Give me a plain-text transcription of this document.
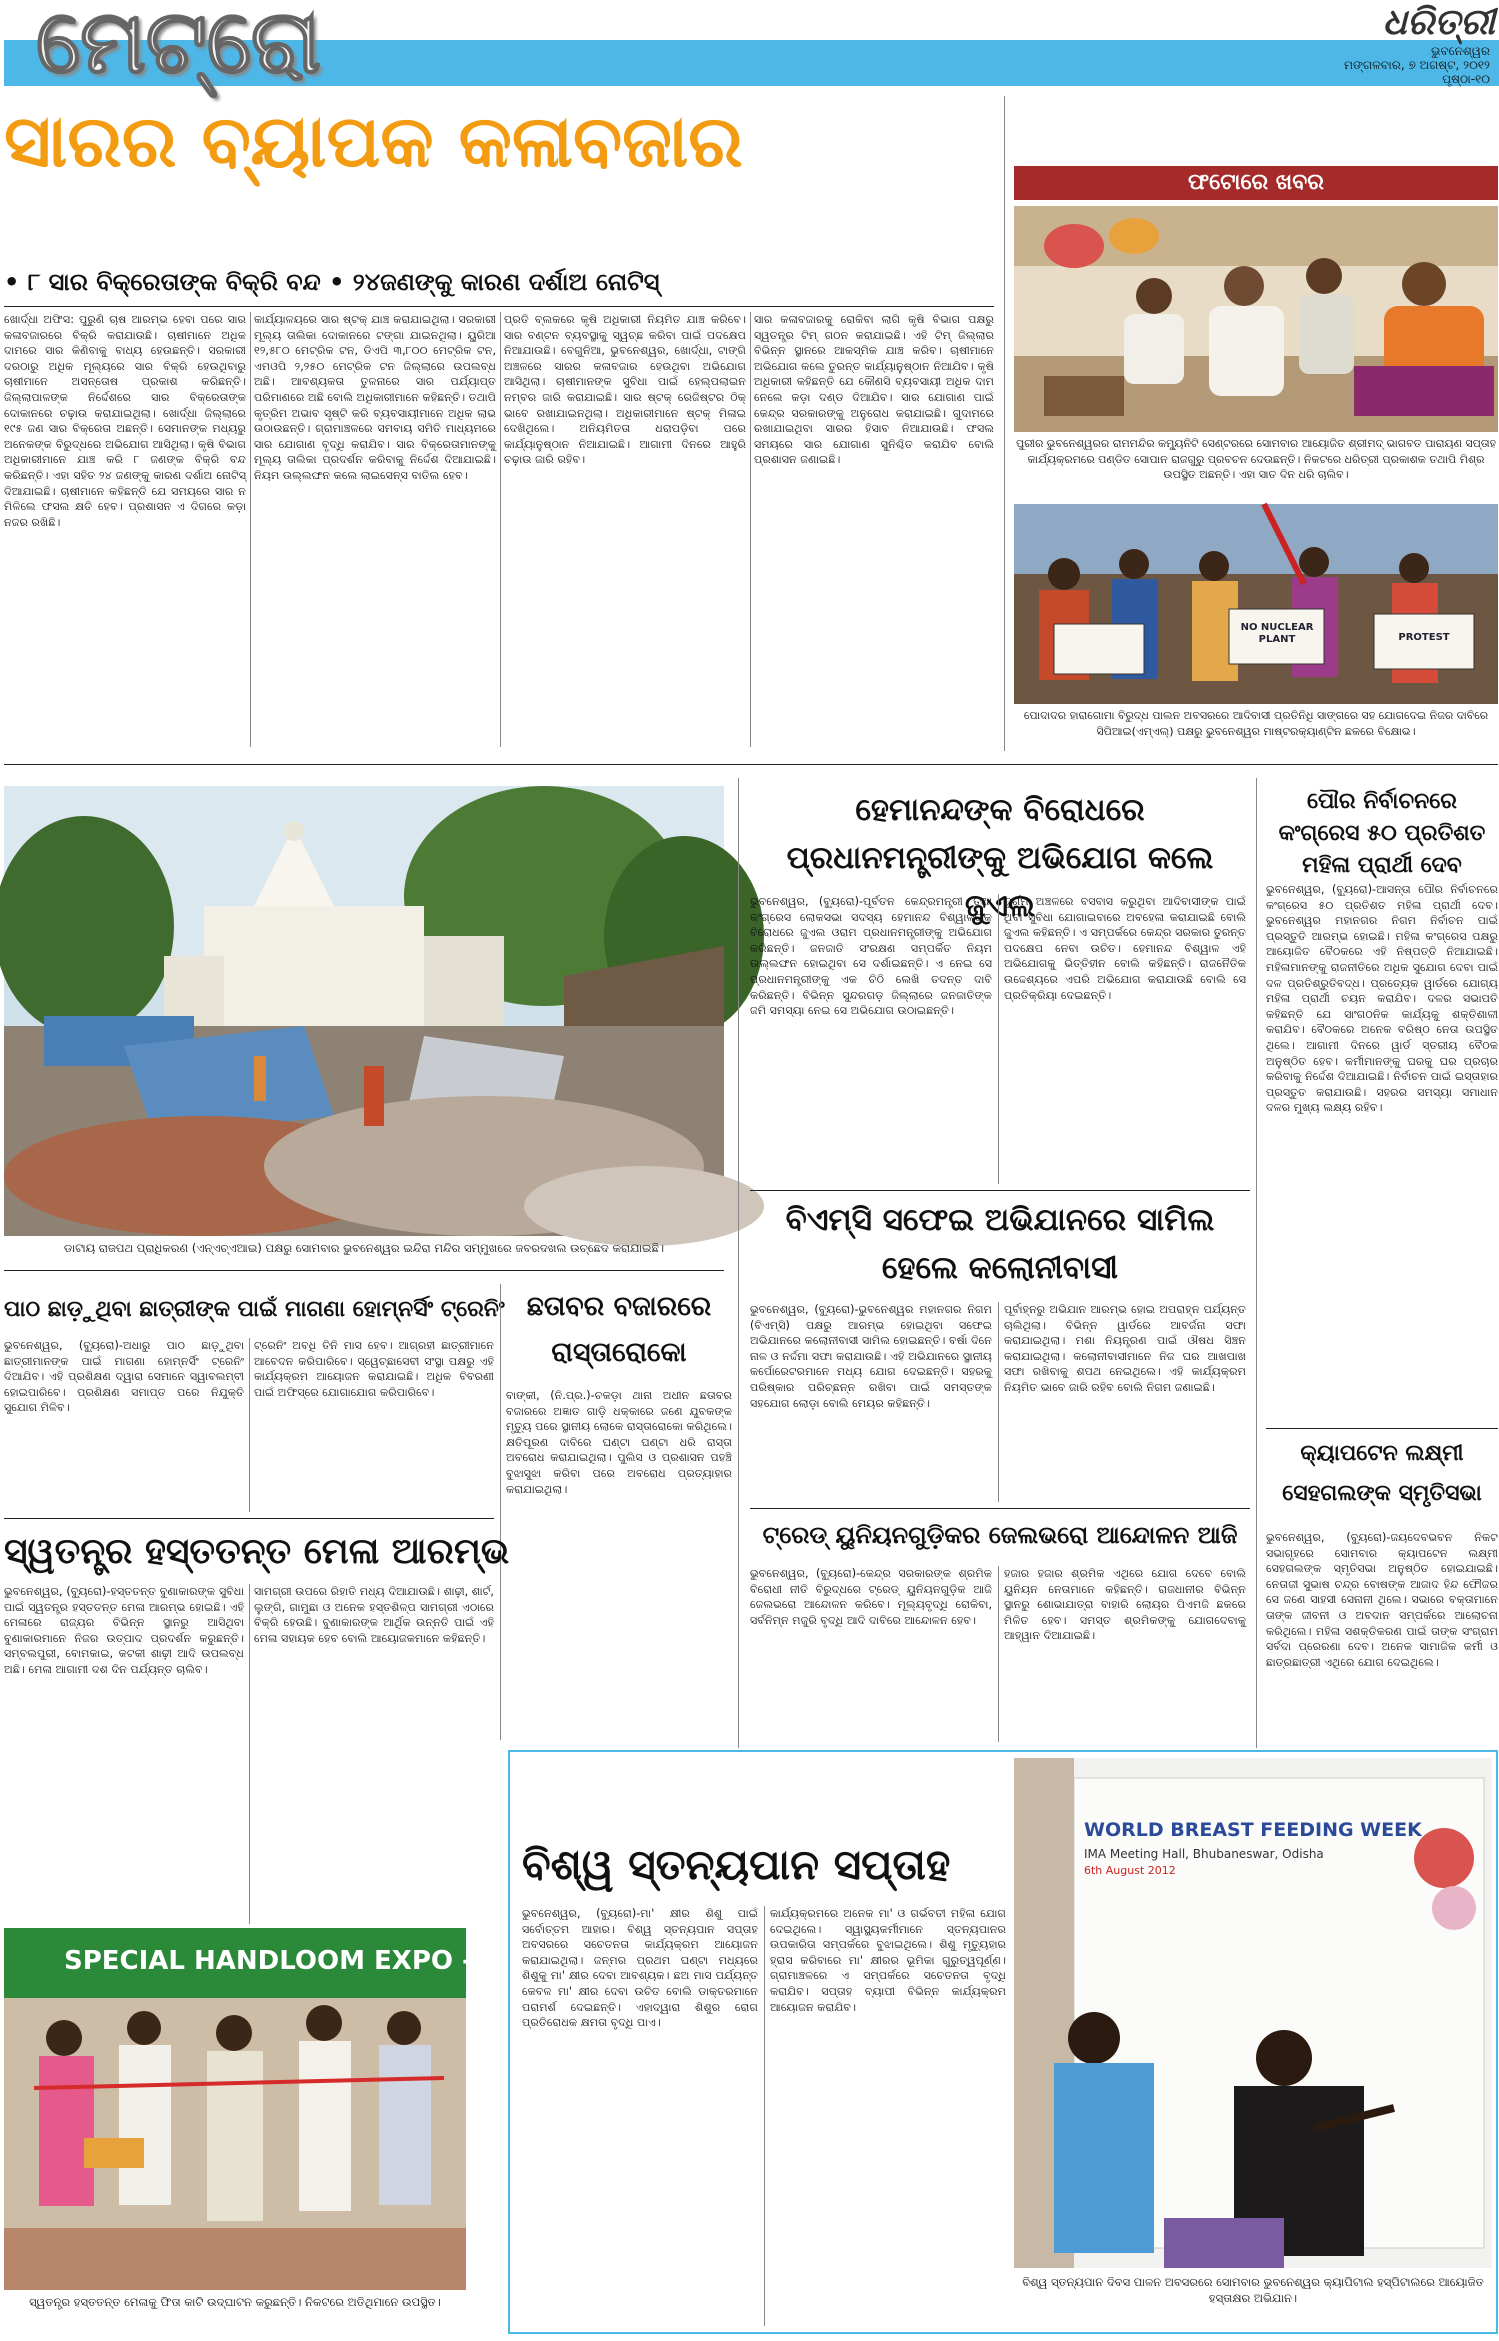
ମେଟ୍ରୋ	ଧରିତ୍ରୀ
ଭୁବନେଶ୍ୱର
ମଙ୍ଗଳବାର, ୭ ଅଗଷ୍ଟ, ୨୦୧୨
ପୃଷ୍ଠା-୧୦
ସାରର ବ୍ୟାପକ କଳାବଜାର
• ୮ ସାର ବିକ୍ରେତାଙ୍କ ବିକ୍ରି ବନ୍ଦ • ୨୪ଜଣଙ୍କୁ କାରଣ ଦର୍ଶାଅ ନୋଟିସ୍
ଖୋର୍ଦ୍ଧା ଅଫିସ: ପୁରୁଣି ଚାଷ ଆରମ୍ଭ ହେବା ପରେ ସାର କଳାବଜାରରେ ବିକ୍ରି କରାଯାଉଛି। ଚାଷୀମାନେ ଅଧିକ ଦାମରେ ସାର କିଣିବାକୁ ବାଧ୍ୟ ହେଉଛନ୍ତି। ସରକାରୀ ଦରଠାରୁ ଅଧିକ ମୂଲ୍ୟରେ ସାର ବିକ୍ରି ହେଉଥିବାରୁ ଚାଷୀମାନେ ଅସନ୍ତୋଷ ପ୍ରକାଶ କରିଛନ୍ତି। ଜିଲ୍ଲାପାଳଙ୍କ ନିର୍ଦ୍ଦେଶରେ ସାର ବିକ୍ରେତାଙ୍କ ଦୋକାନରେ ଚଢ଼ାଉ କରାଯାଇଥିଲା। ଖୋର୍ଦ୍ଧା ଜିଲ୍ଲାରେ ୧୯୫ ଜଣ ସାର ବିକ୍ରେତା ଅଛନ୍ତି। ସେମାନଙ୍କ ମଧ୍ୟରୁ ଅନେକଙ୍କ ବିରୁଦ୍ଧରେ ଅଭିଯୋଗ ଆସିଥିଲା। କୃଷି ବିଭାଗ ଅଧିକାରୀମାନେ ଯାଞ୍ଚ କରି ୮ ଜଣଙ୍କ ବିକ୍ରି ବନ୍ଦ କରିଛନ୍ତି। ଏହା ସହିତ ୨୪ ଜଣଙ୍କୁ କାରଣ ଦର୍ଶାଅ ନୋଟିସ୍ ଦିଆଯାଇଛି। ଚାଷୀମାନେ କହିଛନ୍ତି ଯେ ସମୟରେ ସାର ନ ମିଳିଲେ ଫସଲ କ୍ଷତି ହେବ। ପ୍ରଶାସନ ଏ ଦିଗରେ କଡ଼ା ନଜର ରଖିଛି।
କାର୍ଯ୍ୟାଳୟରେ ସାର ଷ୍ଟକ୍ ଯାଞ୍ଚ କରାଯାଇଥିଲା। ସରକାରୀ ମୂଲ୍ୟ ତାଲିକା ଦୋକାନରେ ଟଙ୍ଗା ଯାଇନଥିଲା। ୟୁରିଆ ୧୨,୫୮୦ ମେଟ୍ରିକ ଟନ, ଡିଏପି ୩,୮୦୦ ମେଟ୍ରିକ ଟନ, ଏମଓପି ୨,୨୫୦ ମେଟ୍ରିକ ଟନ ଜିଲ୍ଲାରେ ଉପଲବ୍ଧ ଅଛି। ଆବଶ୍ୟକତା ତୁଳନାରେ ସାର ପର୍ଯ୍ୟାପ୍ତ ପରିମାଣରେ ଅଛି ବୋଲି ଅଧିକାରୀମାନେ କହିଛନ୍ତି। ତଥାପି କୃତ୍ରିମ ଅଭାବ ସୃଷ୍ଟି କରି ବ୍ୟବସାୟୀମାନେ ଅଧିକ ଲାଭ ଉଠାଉଛନ୍ତି। ଗ୍ରାମାଞ୍ଚଳରେ ସମବାୟ ସମିତି ମାଧ୍ୟମରେ ସାର ଯୋଗାଣ ବୃଦ୍ଧି କରାଯିବ। ସାର ବିକ୍ରେତାମାନଙ୍କୁ ମୂଲ୍ୟ ତାଲିକା ପ୍ରଦର୍ଶନ କରିବାକୁ ନିର୍ଦ୍ଦେଶ ଦିଆଯାଇଛି। ନିୟମ ଉଲ୍ଲଙ୍ଘନ କଲେ ଲାଇସେନ୍ସ ବାତିଲ ହେବ।
ପ୍ରତି ବ୍ଲକରେ କୃଷି ଅଧିକାରୀ ନିୟମିତ ଯାଞ୍ଚ କରିବେ। ସାର ବଣ୍ଟନ ବ୍ୟବସ୍ଥାକୁ ସ୍ୱଚ୍ଛ କରିବା ପାଇଁ ପଦକ୍ଷେପ ନିଆଯାଉଛି। ବେଗୁନିଆ, ଭୁବନେଶ୍ୱର, ଖୋର୍ଦ୍ଧା, ଟାଙ୍ଗି ଅଞ୍ଚଳରେ ସାରର କଳାବଜାର ହେଉଥିବା ଅଭିଯୋଗ ଆସିଥିଲା। ଚାଷୀମାନଙ୍କ ସୁବିଧା ପାଇଁ ହେଲ୍ପଲାଇନ ନମ୍ବର ଜାରି କରାଯାଇଛି। ସାର ଷ୍ଟକ୍ ରେଜିଷ୍ଟର ଠିକ୍ ଭାବେ ରଖାଯାଇନଥିଲା। ଅଧିକାରୀମାନେ ଷ୍ଟକ୍ ମିଳାଇ ଦେଖିଥିଲେ। ଅନିୟମିତତା ଧରାପଡ଼ିବା ପରେ କାର୍ଯ୍ୟାନୁଷ୍ଠାନ ନିଆଯାଇଛି। ଆଗାମୀ ଦିନରେ ଆହୁରି ଚଢ଼ାଉ ଜାରି ରହିବ।
ସାର କଳାବଜାରକୁ ରୋକିବା ଲାଗି କୃଷି ବିଭାଗ ପକ୍ଷରୁ ସ୍ୱତନ୍ତ୍ର ଟିମ୍ ଗଠନ କରାଯାଇଛି। ଏହି ଟିମ୍ ଜିଲ୍ଲାର ବିଭିନ୍ନ ସ୍ଥାନରେ ଆକସ୍ମିକ ଯାଞ୍ଚ କରିବ। ଚାଷୀମାନେ ଅଭିଯୋଗ କଲେ ତୁରନ୍ତ କାର୍ଯ୍ୟାନୁଷ୍ଠାନ ନିଆଯିବ। କୃଷି ଅଧିକାରୀ କହିଛନ୍ତି ଯେ କୌଣସି ବ୍ୟବସାୟୀ ଅଧିକ ଦାମ ନେଲେ କଡ଼ା ଦଣ୍ଡ ଦିଆଯିବ। ସାର ଯୋଗାଣ ପାଇଁ କେନ୍ଦ୍ର ସରକାରଙ୍କୁ ଅନୁରୋଧ କରାଯାଇଛି। ଗୁଦାମରେ ରଖାଯାଇଥିବା ସାରର ହିସାବ ନିଆଯାଉଛି। ଫସଲ ସମୟରେ ସାର ଯୋଗାଣ ସୁନିଶ୍ଚିତ କରାଯିବ ବୋଲି ପ୍ରଶାସନ ଜଣାଇଛି।
ଫଟୋରେ ଖବର
ପୁରୀର ଭୁବନେଶ୍ୱରର ରାମମନ୍ଦିର କମ୍ୟୁନିଟି ସେଣ୍ଟରରେ ସୋମବାର ଆୟୋଜିତ ଶ୍ରୀମଦ୍ ଭାଗବତ ପାରାୟଣ ସପ୍ତାହ କାର୍ଯ୍ୟକ୍ରମରେ ପଣ୍ଡିତ ସୋପାନ ରାଜଗୁରୁ ପ୍ରବଚନ ଦେଉଛନ୍ତି। ନିକଟରେ ଧରିତ୍ରୀ ପ୍ରକାଶକ ତଥାପି ମିଶ୍ର ଉପସ୍ଥିତ ଅଛନ୍ତି। ଏହା ସାତ ଦିନ ଧରି ଚାଲିବ।
NO NUCLEAR PLANT	PROTEST
ପୋଦାଦର ହାରାଗୋମା ବିରୁଦ୍ଧ ପାଲନ ଅବସରରେ ଆଦିବାସୀ ପ୍ରତିନିଧି ସାଙ୍ଗରେ ସହ ଯୋଗଦେଇ ନିଜର ଦାବିରେ ସିପିଆଇ(ଏମ୍‌ଏଲ୍) ପକ୍ଷରୁ ଭୁବନେଶ୍ୱର ମାଷ୍ଟରକ୍ୟାଣ୍ଟିନ ଛକରେ ବିକ୍ଷୋଭ।
ଡାଟାୟ ରାଜପଥ ପ୍ରାଧିକରଣ (ଏନ୍‌ଏଚ୍‌ଏଆଇ) ପକ୍ଷରୁ ସୋମବାର ଭୁବନେଶ୍ୱର ଇନ୍ଦିରା ମନ୍ଦିର ସମ୍ମୁଖରେ ଜବରଦଖଲ ଉଚ୍ଛେଦ କରାଯାଇଛି।
ହେମାନନ୍ଦଙ୍କ ବିରୋଧରେ ପ୍ରଧାନମନ୍ତ୍ରୀଙ୍କୁ ଅଭିଯୋଗ କଲେ ଜୁଏଲ
ଭୁବନେଶ୍ୱର, (ବ୍ୟୁରୋ)-ପୂର୍ବତନ କେନ୍ଦ୍ରମନ୍ତ୍ରୀ ତଥା କଂଗ୍ରେସ ଲୋକସଭା ସଦସ୍ୟ ହେମାନନ୍ଦ ବିଶ୍ୱାଳଙ୍କ ବିରୋଧରେ ଜୁଏଲ ଓରାମ ପ୍ରଧାନମନ୍ତ୍ରୀଙ୍କୁ ଅଭିଯୋଗ କରିଛନ୍ତି। ଜନଜାତି ସଂରକ୍ଷଣ ସମ୍ପର୍କିତ ନିୟମ ଉଲ୍ଲଙ୍ଘନ ହୋଇଥିବା ସେ ଦର୍ଶାଇଛନ୍ତି। ଏ ନେଇ ସେ ପ୍ରଧାନମନ୍ତ୍ରୀଙ୍କୁ ଏକ ଚିଠି ଲେଖି ତଦନ୍ତ ଦାବି କରିଛନ୍ତି। ବିଭିନ୍ନ ସୁନ୍ଦରଗଡ଼ ଜିଲ୍ଲାରେ ଜନଜାତିଙ୍କ ଜମି ସମସ୍ୟା ନେଇ ସେ ଅଭିଯୋଗ ଉଠାଇଛନ୍ତି।
ଦୁର୍ଗମ ଅଞ୍ଚଳରେ ବସବାସ କରୁଥିବା ଆଦିବାସୀଙ୍କ ପାଇଁ ଥିବା ସୁବିଧା ଯୋଗାଇବାରେ ଅବହେଳା କରାଯାଇଛି ବୋଲି ଜୁଏଲ କହିଛନ୍ତି। ଏ ସମ୍ପର୍କରେ କେନ୍ଦ୍ର ସରକାର ତୁରନ୍ତ ପଦକ୍ଷେପ ନେବା ଉଚିତ। ହେମାନନ୍ଦ ବିଶ୍ୱାଳ ଏହି ଅଭିଯୋଗକୁ ଭିତ୍ତିହୀନ ବୋଲି କହିଛନ୍ତି। ରାଜନୈତିକ ଉଦ୍ଦେଶ୍ୟରେ ଏପରି ଅଭିଯୋଗ କରାଯାଉଛି ବୋଲି ସେ ପ୍ରତିକ୍ରିୟା ଦେଇଛନ୍ତି।
ବିଏମ୍‌ସି ସଫେଇ ଅଭିଯାନରେ ସାମିଲ ହେଲେ କଲୋନୀବାସୀ
ଭୁବନେଶ୍ୱର, (ବ୍ୟୁରୋ)-ଭୁବନେଶ୍ୱର ମହାନଗର ନିଗମ (ବିଏମ୍‌ସି) ପକ୍ଷରୁ ଆରମ୍ଭ ହୋଇଥିବା ସଫେଇ ଅଭିଯାନରେ କଲୋନୀବାସୀ ସାମିଲ ହୋଇଛନ୍ତି। ବର୍ଷା ଦିନେ ନାଳ ଓ ନର୍ଦ୍ଦମା ସଫା କରାଯାଉଛି। ଏହି ଅଭିଯାନରେ ସ୍ଥାନୀୟ କର୍ପୋରେଟରମାନେ ମଧ୍ୟ ଯୋଗ ଦେଇଛନ୍ତି। ସହରକୁ ପରିଷ୍କାର ପରିଚ୍ଛନ୍ନ ରଖିବା ପାଇଁ ସମସ୍ତଙ୍କ ସହଯୋଗ ଲୋଡ଼ା ବୋଲି ମେୟର କହିଛନ୍ତି।
ପୂର୍ବାହ୍ନରୁ ଅଭିଯାନ ଆରମ୍ଭ ହୋଇ ଅପରାହ୍ନ ପର୍ଯ୍ୟନ୍ତ ଚାଲିଥିଲା। ବିଭିନ୍ନ ୱାର୍ଡରେ ଆବର୍ଜନା ସଫା କରାଯାଇଥିଲା। ମଶା ନିୟନ୍ତ୍ରଣ ପାଇଁ ଔଷଧ ସିଞ୍ଚନ କରାଯାଇଥିଲା। କଲୋନୀବାସୀମାନେ ନିଜ ଘର ଆଖପାଖ ସଫା ରଖିବାକୁ ଶପଥ ନେଇଥିଲେ। ଏହି କାର୍ଯ୍ୟକ୍ରମ ନିୟମିତ ଭାବେ ଜାରି ରହିବ ବୋଲି ନିଗମ ଜଣାଇଛି।
ଟ୍ରେଡ୍ ୟୁନିୟନଗୁଡ଼ିକର ଜେଲଭରୋ ଆନ୍ଦୋଳନ ଆଜି
ଭୁବନେଶ୍ୱର, (ବ୍ୟୁରୋ)-କେନ୍ଦ୍ର ସରକାରଙ୍କ ଶ୍ରମିକ ବିରୋଧୀ ନୀତି ବିରୁଦ୍ଧରେ ଟ୍ରେଡ୍ ୟୁନିୟନଗୁଡ଼ିକ ଆଜି ଜେଲଭରୋ ଆନ୍ଦୋଳନ କରିବେ। ମୂଲ୍ୟବୃଦ୍ଧି ରୋକିବା, ସର୍ବନିମ୍ନ ମଜୁରି ବୃଦ୍ଧି ଆଦି ଦାବିରେ ଆନ୍ଦୋଳନ ହେବ।
ହଜାର ହଜାର ଶ୍ରମିକ ଏଥିରେ ଯୋଗ ଦେବେ ବୋଲି ୟୁନିୟନ ନେତାମାନେ କହିଛନ୍ତି। ରାଜଧାନୀର ବିଭିନ୍ନ ସ୍ଥାନରୁ ଶୋଭାଯାତ୍ରା ବାହାରି ଲୋୟର ପିଏମଜି ଛକରେ ମିଳିତ ହେବ। ସମସ୍ତ ଶ୍ରମିକଙ୍କୁ ଯୋଗଦେବାକୁ ଆହ୍ୱାନ ଦିଆଯାଇଛି।
ପୌର ନିର୍ବାଚନରେ କଂଗ୍ରେସ ୫୦ ପ୍ରତିଶତ ମହିଳା ପ୍ରାର୍ଥୀ ଦେବ
ଭୁବନେଶ୍ୱର, (ବ୍ୟୁରୋ)-ଆସନ୍ତା ପୌର ନିର୍ବାଚନରେ କଂଗ୍ରେସ ୫୦ ପ୍ରତିଶତ ମହିଳା ପ୍ରାର୍ଥୀ ଦେବ। ଭୁବନେଶ୍ୱର ମହାନଗର ନିଗମ ନିର୍ବାଚନ ପାଇଁ ପ୍ରସ୍ତୁତି ଆରମ୍ଭ ହୋଇଛି। ମହିଳା କଂଗ୍ରେସ ପକ୍ଷରୁ ଆୟୋଜିତ ବୈଠକରେ ଏହି ନିଷ୍ପତ୍ତି ନିଆଯାଇଛି। ମହିଳାମାନଙ୍କୁ ରାଜନୀତିରେ ଅଧିକ ସୁଯୋଗ ଦେବା ପାଇଁ ଦଳ ପ୍ରତିଶ୍ରୁତିବଦ୍ଧ। ପ୍ରତ୍ୟେକ ୱାର୍ଡରେ ଯୋଗ୍ୟ ମହିଳା ପ୍ରାର୍ଥୀ ଚୟନ କରାଯିବ। ଦଳର ସଭାପତି କହିଛନ୍ତି ଯେ ସାଂଗଠନିକ କାର୍ଯ୍ୟକୁ ଶକ୍ତିଶାଳୀ କରାଯିବ। ବୈଠକରେ ଅନେକ ବରିଷ୍ଠ ନେତା ଉପସ୍ଥିତ ଥିଲେ। ଆଗାମୀ ଦିନରେ ୱାର୍ଡ ସ୍ତରୀୟ ବୈଠକ ଅନୁଷ୍ଠିତ ହେବ। କର୍ମୀମାନଙ୍କୁ ଘରକୁ ଘର ପ୍ରଚାର କରିବାକୁ ନିର୍ଦ୍ଦେଶ ଦିଆଯାଇଛି। ନିର୍ବାଚନ ପାଇଁ ଇସ୍ତାହାର ପ୍ରସ୍ତୁତ କରାଯାଉଛି। ସହରର ସମସ୍ୟା ସମାଧାନ ଦଳର ମୁଖ୍ୟ ଲକ୍ଷ୍ୟ ରହିବ।
କ୍ୟାପଟେନ ଲକ୍ଷ୍ମୀ ସେହଗଲଙ୍କ ସ୍ମୃତିସଭା
ଭୁବନେଶ୍ୱର, (ବ୍ୟୁରୋ)-ଜୟଦେବଭବନ ନିକଟ ସଭାଗୃହରେ ସୋମବାର କ୍ୟାପଟେନ ଲକ୍ଷ୍ମୀ ସେହଗଲଙ୍କ ସ୍ମୃତିସଭା ଅନୁଷ୍ଠିତ ହୋଇଯାଇଛି। ନେତାଜୀ ସୁଭାଷ ଚନ୍ଦ୍ର ବୋଷଙ୍କ ଆଜାଦ ହିନ୍ଦ ଫୌଜର ସେ ଜଣେ ସାହସୀ ସେନାନୀ ଥିଲେ। ସଭାରେ ବକ୍ତାମାନେ ତାଙ୍କ ଜୀବନୀ ଓ ଅବଦାନ ସମ୍ପର୍କରେ ଆଲୋଚନା କରିଥିଲେ। ମହିଳା ସଶକ୍ତିକରଣ ପାଇଁ ତାଙ୍କ ସଂଗ୍ରାମ ସର୍ବଦା ପ୍ରେରଣା ଦେବ। ଅନେକ ସାମାଜିକ କର୍ମୀ ଓ ଛାତ୍ରଛାତ୍ରୀ ଏଥିରେ ଯୋଗ ଦେଇଥିଲେ।
ପାଠ ଛାଡ଼ୁଥିବା ଛାତ୍ରୀଙ୍କ ପାଇଁ ମାଗଣା ହୋମ୍‌ନର୍ସିଂ ଟ୍ରେନିଂ
ଭୁବନେଶ୍ୱର, (ବ୍ୟୁରୋ)-ଅଧାରୁ ପାଠ ଛାଡ଼ୁଥିବା ଛାତ୍ରୀମାନଙ୍କ ପାଇଁ ମାଗଣା ହୋମ୍‌ନର୍ସିଂ ଟ୍ରେନିଂ ଦିଆଯିବ। ଏହି ପ୍ରଶିକ୍ଷଣ ଦ୍ୱାରା ସେମାନେ ସ୍ୱାବଲମ୍ବୀ ହୋଇପାରିବେ। ପ୍ରଶିକ୍ଷଣ ସମାପ୍ତ ପରେ ନିଯୁକ୍ତି ସୁଯୋଗ ମିଳିବ।
ଟ୍ରେନିଂ ଅବଧି ତିନି ମାସ ହେବ। ଆଗ୍ରହୀ ଛାତ୍ରୀମାନେ ଆବେଦନ କରିପାରିବେ। ସ୍ୱେଚ୍ଛାସେବୀ ସଂସ୍ଥା ପକ୍ଷରୁ ଏହି କାର୍ଯ୍ୟକ୍ରମ ଆୟୋଜନ କରାଯାଇଛି। ଅଧିକ ବିବରଣୀ ପାଇଁ ଅଫିସ୍‌ରେ ଯୋଗାଯୋଗ କରିପାରିବେ।
ଛତାବର ବଜାରରେ ରାସ୍ତାରୋକୋ
ବାଙ୍କୀ, (ନି.ପ୍ର.)-ଚକଡ଼ା ଥାନା ଅଧୀନ ଛତାବର ବଜାରରେ ଅଜ୍ଞାତ ଗାଡ଼ି ଧକ୍କାରେ ଜଣେ ଯୁବକଙ୍କ ମୃତ୍ୟୁ ପରେ ସ୍ଥାନୀୟ ଲୋକେ ରାସ୍ତାରୋକୋ କରିଥିଲେ। କ୍ଷତିପୂରଣ ଦାବିରେ ଘଣ୍ଟା ଘଣ୍ଟା ଧରି ରାସ୍ତା ଅବରୋଧ କରାଯାଇଥିଲା। ପୁଲିସ ଓ ପ୍ରଶାସନ ପହଞ୍ଚି ବୁଝାସୁଝା କରିବା ପରେ ଅବରୋଧ ପ୍ରତ୍ୟାହାର କରାଯାଇଥିଲା।
ସ୍ୱତନ୍ତ୍ର ହସ୍ତତନ୍ତ ମେଳା ଆରମ୍ଭ
ଭୁବନେଶ୍ୱର, (ବ୍ୟୁରୋ)-ହସ୍ତତନ୍ତ ବୁଣାକାରଙ୍କ ସୁବିଧା ପାଇଁ ସ୍ୱତନ୍ତ୍ର ହସ୍ତତନ୍ତ ମେଳା ଆରମ୍ଭ ହୋଇଛି। ଏହି ମେଳାରେ ରାଜ୍ୟର ବିଭିନ୍ନ ସ୍ଥାନରୁ ଆସିଥିବା ବୁଣାକାରମାନେ ନିଜର ଉତ୍ପାଦ ପ୍ରଦର୍ଶନ କରୁଛନ୍ତି। ସମ୍ବଲପୁରୀ, ବୋମକାଇ, କଟକୀ ଶାଢ଼ୀ ଆଦି ଉପଲବ୍ଧ ଅଛି। ମେଳା ଆଗାମୀ ଦଶ ଦିନ ପର୍ଯ୍ୟନ୍ତ ଚାଲିବ।
ସାମଗ୍ରୀ ଉପରେ ରିହାତି ମଧ୍ୟ ଦିଆଯାଉଛି। ଶାଢ଼ୀ, ଶାର୍ଟ, ଲୁଙ୍ଗି, ଗାମୁଛା ଓ ଅନେକ ହସ୍ତଶିଳ୍ପ ସାମଗ୍ରୀ ଏଠାରେ ବିକ୍ରି ହେଉଛି। ବୁଣାକାରଙ୍କ ଆର୍ଥିକ ଉନ୍ନତି ପାଇଁ ଏହି ମେଳା ସହାୟକ ହେବ ବୋଲି ଆୟୋଜକମାନେ କହିଛନ୍ତି।
SPECIAL HANDLOOM EXPO - 20
ସ୍ୱତନ୍ତ୍ର ହସ୍ତତନ୍ତ ମେଳାକୁ ଫିତା କାଟି ଉଦ୍‌ଘାଟନ କରୁଛନ୍ତି। ନିକଟରେ ଅତିଥିମାନେ ଉପସ୍ଥିତ।
ବିଶ୍ୱ ସ୍ତନ୍ୟପାନ ସପ୍ତାହ
ଭୁବନେଶ୍ୱର, (ବ୍ୟୁରୋ)-ମା' କ୍ଷୀର ଶିଶୁ ପାଇଁ ସର୍ବୋତ୍ତମ ଆହାର। ବିଶ୍ୱ ସ୍ତନ୍ୟପାନ ସପ୍ତାହ ଅବସରରେ ସଚେତନତା କାର୍ଯ୍ୟକ୍ରମ ଆୟୋଜନ କରାଯାଇଥିଲା। ଜନ୍ମର ପ୍ରଥମ ଘଣ୍ଟା ମଧ୍ୟରେ ଶିଶୁକୁ ମା' କ୍ଷୀର ଦେବା ଆବଶ୍ୟକ। ଛଅ ମାସ ପର୍ଯ୍ୟନ୍ତ କେବଳ ମା' କ୍ଷୀର ଦେବା ଉଚିତ ବୋଲି ଡାକ୍ତରମାନେ ପରାମର୍ଶ ଦେଇଛନ୍ତି। ଏହାଦ୍ୱାରା ଶିଶୁର ରୋଗ ପ୍ରତିରୋଧକ କ୍ଷମତା ବୃଦ୍ଧି ପାଏ।
କାର୍ଯ୍ୟକ୍ରମରେ ଅନେକ ମା' ଓ ଗର୍ଭବତୀ ମହିଳା ଯୋଗ ଦେଇଥିଲେ। ସ୍ୱାସ୍ଥ୍ୟକର୍ମୀମାନେ ସ୍ତନ୍ୟପାନର ଉପକାରିତା ସମ୍ପର୍କରେ ବୁଝାଇଥିଲେ। ଶିଶୁ ମୃତ୍ୟୁହାର ହ୍ରାସ କରିବାରେ ମା' କ୍ଷୀରର ଭୂମିକା ଗୁରୁତ୍ୱପୂର୍ଣ୍ଣ। ଗ୍ରାମାଞ୍ଚଳରେ ଏ ସମ୍ପର୍କରେ ସଚେତନତା ବୃଦ୍ଧି କରାଯିବ। ସପ୍ତାହ ବ୍ୟାପୀ ବିଭିନ୍ନ କାର୍ଯ୍ୟକ୍ରମ ଆୟୋଜନ କରାଯିବ।
WORLD BREAST FEEDING WEEK
IMA Meeting Hall, Bhubaneswar, Odisha
6th August 2012
ବିଶ୍ୱ ସ୍ତନ୍ୟପାନ ଦିବସ ପାଳନ ଅବସରରେ ସୋମବାର ଭୁବନେଶ୍ୱର କ୍ୟାପିଟାଲ ହସ୍ପିଟାଲରେ ଆୟୋଜିତ ହସ୍ତାକ୍ଷର ଅଭିଯାନ।
